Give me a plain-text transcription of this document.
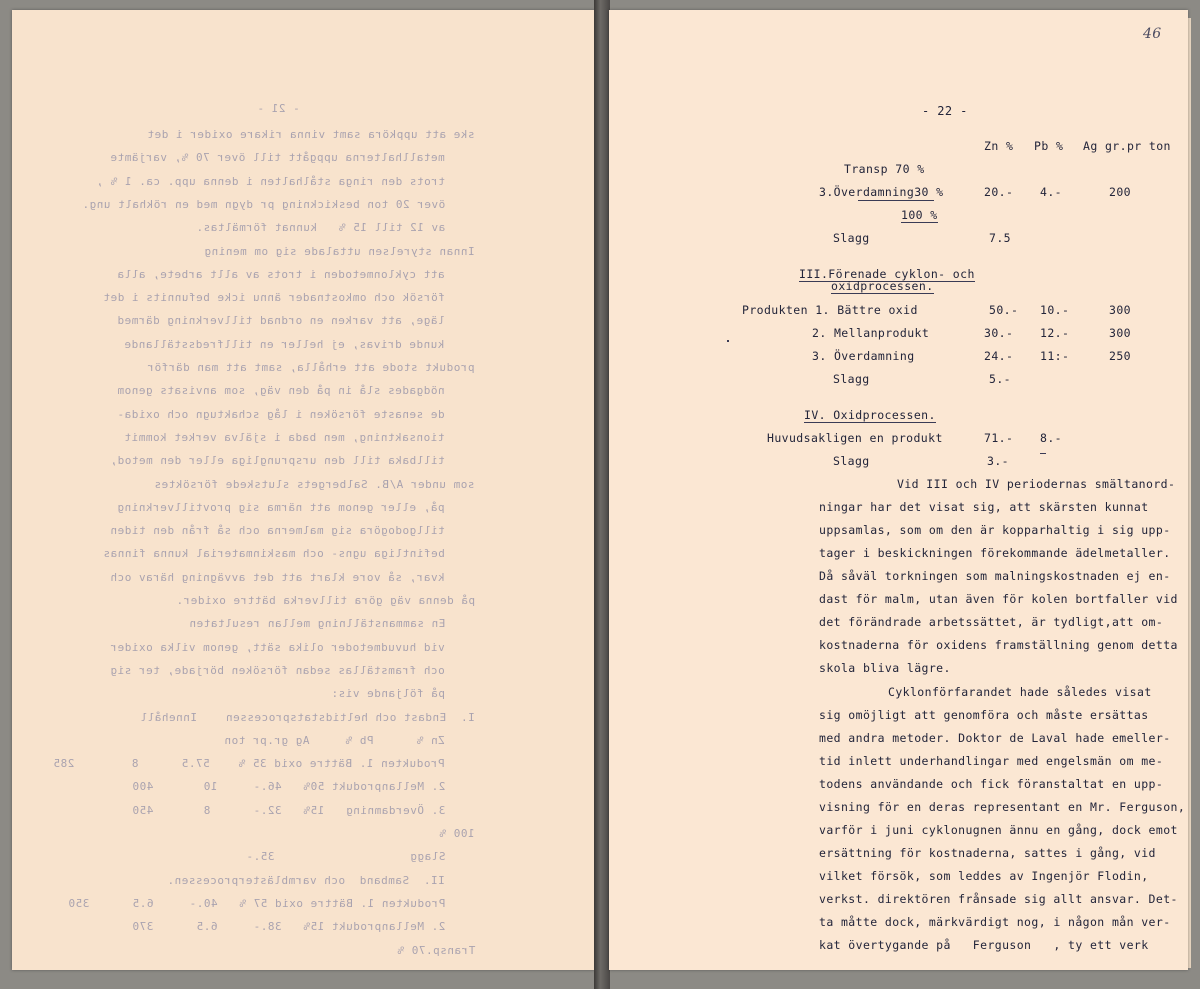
- 21 -
ske att uppköra samt vinna rikare oxider i det
metallhalterna uppgått till över 70 %, varjämte
trots den ringa stålhalten i denna upp. ca. 1 % ,
över 20 ton beskickning pr dygn med en rökhalt ung.
av 12 till 15 %   kunnat förmältas.
Innan styrelsen uttalade sig om mening
att cyklonmetoden i trots av allt arbete, alla
försök och omkostnader ännu icke befunnits i det
läge, att varken en ordnad tillverkning därmed
kunde drivas, ej heller en tillfredsställande
produkt stode att erhålla, samt att man därför
nödgades slå in på den väg, som anvisats genom
de senaste försöken i låg schaktugn och oxida-
tionsaktning, men bada i själva verket kommit
tillbaka till den ursprungliga eller den metod,
som under A/B. Salbergets slutskede försöktes
på, eller genom att närma sig provtillverkning
tillgodogöra sig malmerna och så från den tiden
befintliga ugns- och maskinmaterial kunna finnas
kvar, så vore klart att det avvägning härav och
på denna väg göra tillverka bättre oxider.
En sammanställning mellan resultaten
vid huvudmetoder olika sätt, genom vilka oxider
och framställas sedan försöken började, ter sig
på följande vis:
I.  Endast och heltidstatsprocessen    Innehåll
Zn %      Pb %     Ag gr.pr ton
Produkten 1. Bättre oxid 35 %    57.5      8        285
2. Mellanprodukt 50%   46.-     10       400
3. Överdamning   15%   32.-      8       450
100 %
Slagg                   35.-
II.  Samband  och varmblästerprocessen.
Produkten 1. Bättre oxid 57 %   40.-     6.5      350
2. Mellanprodukt 15%   38.-     6.5      370
Transp.70 %
46
- 22 -
Zn % Pb % Ag gr.pr ton
Transp 70 %
3.Överdamning30 %	20.- 4.-	200
100 %
Slagg	7.5
III.Förenade cyklon- och
oxidprocessen.
Produkten 1. Bättre oxid	50.- 10.-	300
2. Mellanprodukt	30.- 12.-	300
3. Överdamning	24.- 11:-	250
Slagg	5.-
IV. Oxidprocessen.
Huvudsakligen en produkt	71.- 8.-
Slagg	3.-
Vid III och IV periodernas smältanord-
ningar har det visat sig, att skärsten kunnat
uppsamlas, som om den är kopparhaltig i sig upp-
tager i beskickningen förekommande ädelmetaller.
Då såväl torkningen som malningskostnaden ej en-
dast för malm, utan även för kolen bortfaller vid
det förändrade arbetssättet, är tydligt,att om-
kostnaderna för oxidens framställning genom detta
skola bliva lägre.
Cyklonförfarandet hade således visat
sig omöjligt att genomföra och måste ersättas
med andra metoder. Doktor de Laval hade emeller-
tid inlett underhandlingar med engelsmän om me-
todens användande och fick föranstaltat en upp-
visning för en deras representant en Mr. Ferguson,
varför i juni cyklonugnen ännu en gång, dock emot
ersättning för kostnaderna, sattes i gång, vid
vilket försök, som leddes av Ingenjör Flodin,
verkst. direktören frånsade sig allt ansvar. Det-
ta måtte dock, märkvärdigt nog, i någon mån ver-
kat övertygande på   Ferguson   , ty ett verk
